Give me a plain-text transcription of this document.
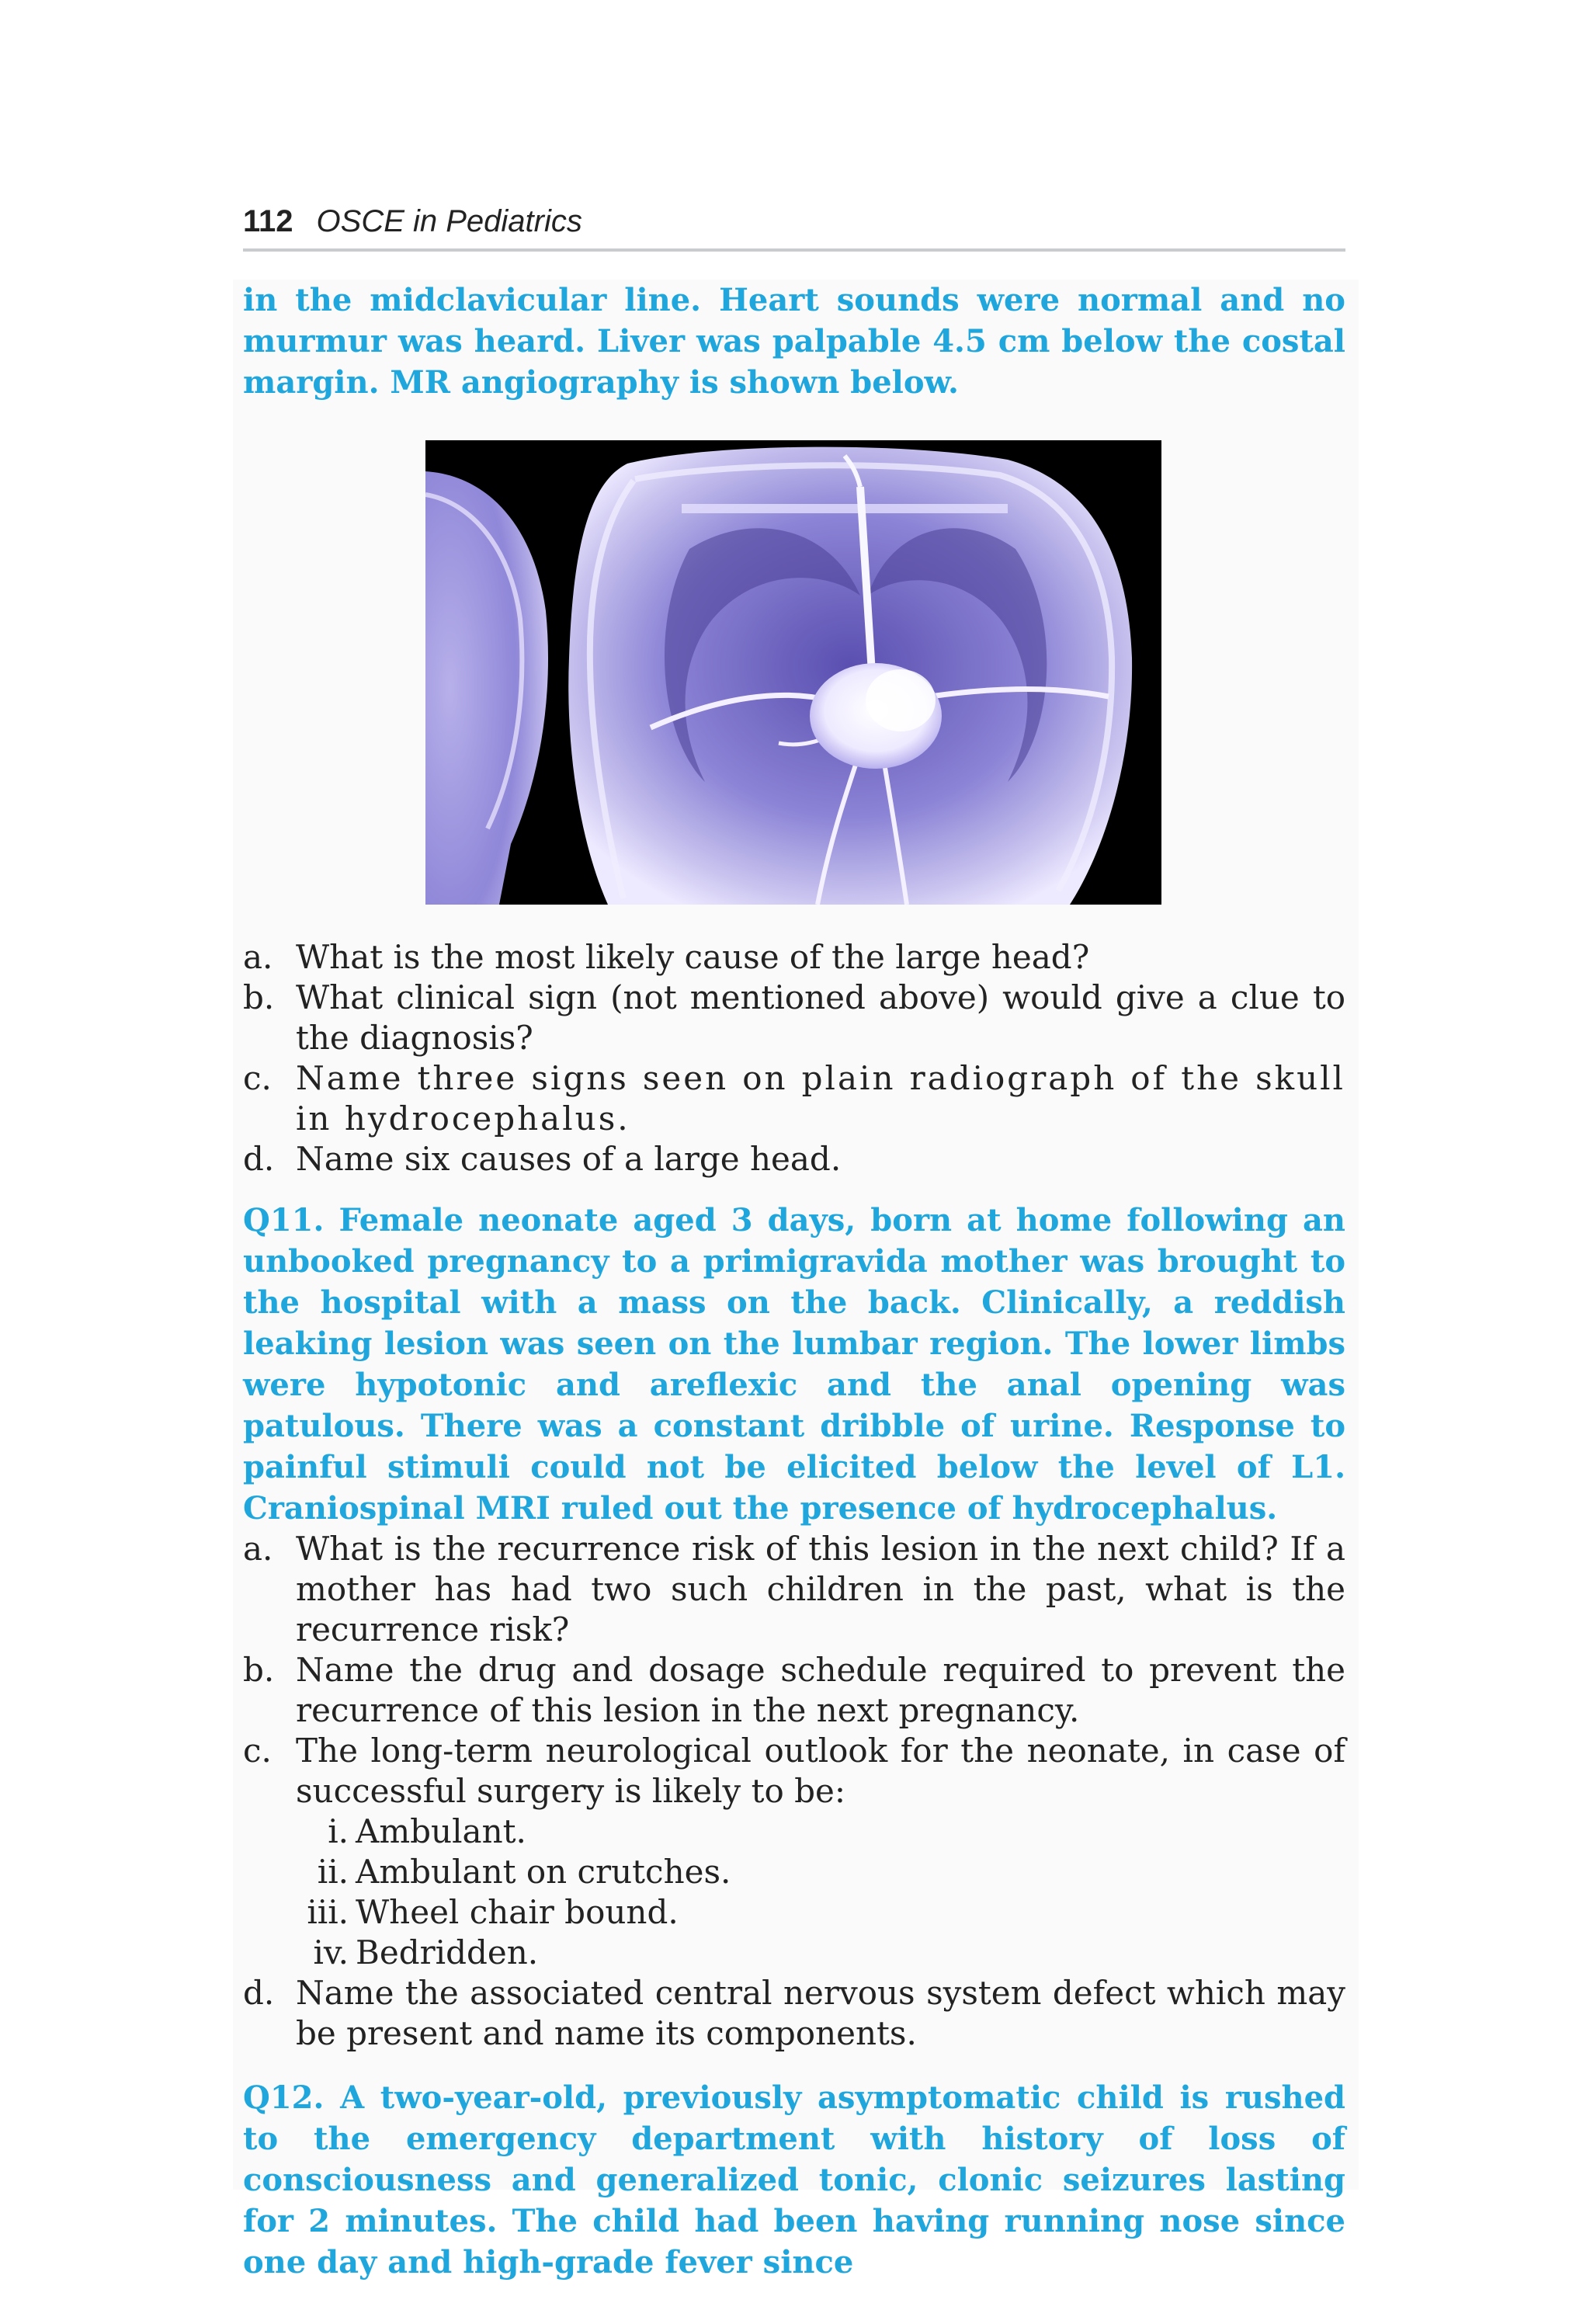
112 OSCE in Pediatrics

in the midclavicular line. Heart sounds were normal and no murmur was heard. Liver was palpable 4.5 cm below the costal margin. MR angiography is shown below.

a. What is the most likely cause of the large head?
b. What clinical sign (not mentioned above) would give a clue to the diagnosis?
c. Name three signs seen on plain radiograph of the skull in hydrocephalus.
d. Name six causes of a large head.

Q11. Female neonate aged 3 days, born at home following an unbooked pregnancy to a primigravida mother was brought to the hospital with a mass on the back. Clinically, a reddish leaking lesion was seen on the lumbar region. The lower limbs were hypotonic and areflexic and the anal opening was patulous. There was a constant dribble of urine. Response to painful stimuli could not be elicited below the level of L1. Craniospinal MRI ruled out the presence of hydrocephalus.

a. What is the recurrence risk of this lesion in the next child? If a mother has had two such children in the past, what is the recurrence risk?
b. Name the drug and dosage schedule required to prevent the recurrence of this lesion in the next pregnancy.
c. The long-term neurological outlook for the neonate, in case of successful surgery is likely to be:
i. Ambulant.
ii. Ambulant on crutches.
iii. Wheel chair bound.
iv. Bedridden.
d. Name the associated central nervous system defect which may be present and name its components.

Q12. A two-year-old, previously asymptomatic child is rushed to the emergency department with history of loss of consciousness and generalized tonic, clonic seizures lasting for 2 minutes. The child had been having running nose since one day and high-grade fever since
